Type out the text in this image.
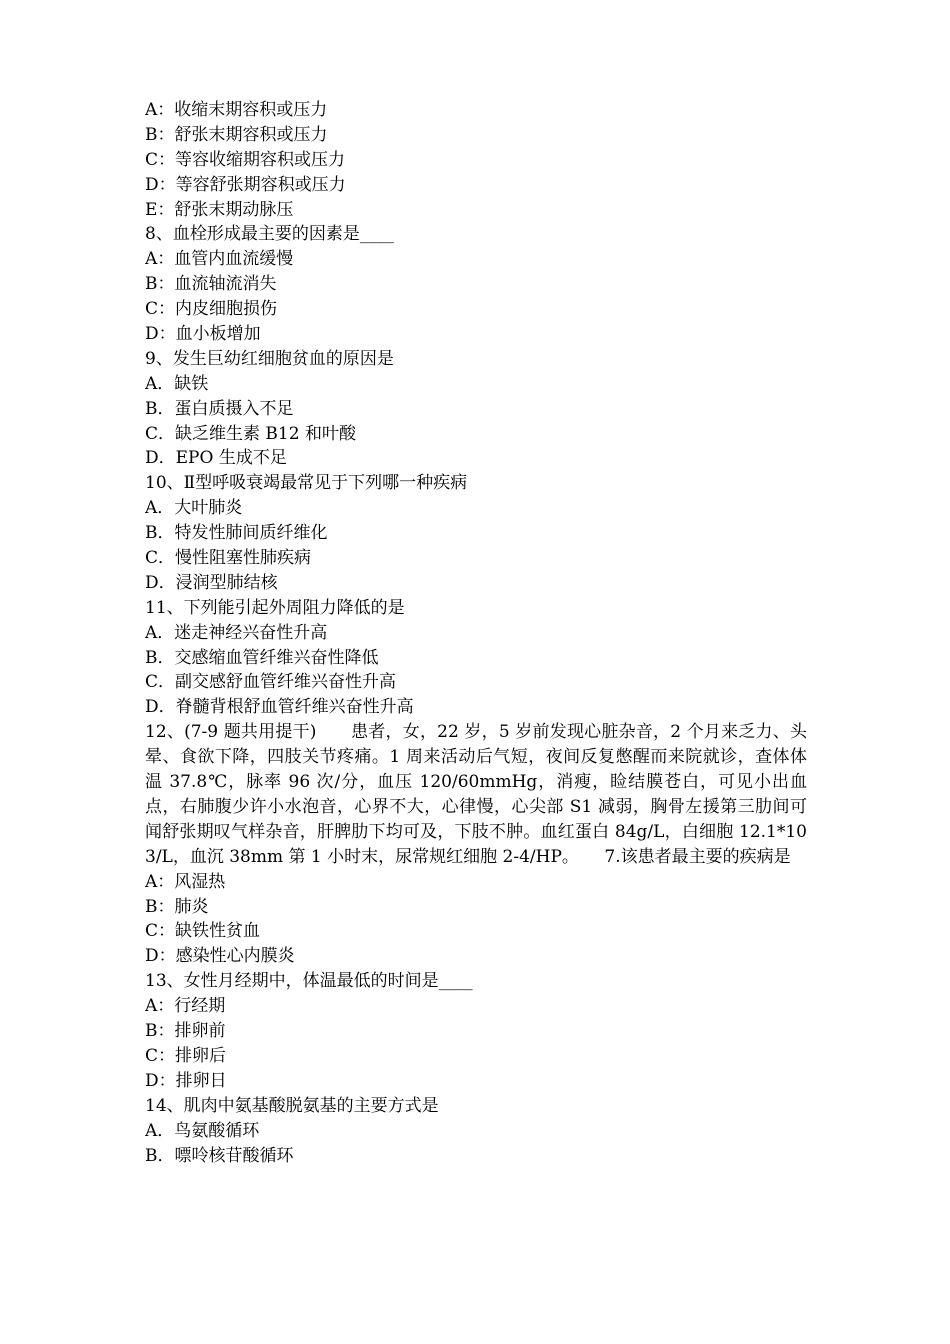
A：收缩末期容积或压力
B：舒张末期容积或压力
C：等容收缩期容积或压力
D：等容舒张期容积或压力
E：舒张末期动脉压
8、血栓形成最主要的因素是____
A：血管内血流缓慢
B：血流轴流消失
C：内皮细胞损伤
D：血小板增加
9、发生巨幼红细胞贫血的原因是
A．缺铁
B．蛋白质摄入不足
C．缺乏维生素 B12 和叶酸
D．EPO 生成不足
10、Ⅱ型呼吸衰竭最常见于下列哪一种疾病
A．大叶肺炎
B．特发性肺间质纤维化
C．慢性阻塞性肺疾病
D．浸润型肺结核
11、下列能引起外周阻力降低的是
A．迷走神经兴奋性升高
B．交感缩血管纤维兴奋性降低
C．副交感舒血管纤维兴奋性升高
D．脊髓背根舒血管纤维兴奋性升高
12、(7-9 题共用提干)　　患者，女，22 岁，5 岁前发现心脏杂音，2 个月来乏力、头晕、食欲下降，四肢关节疼痛。1 周来活动后气短，夜间反复憋醒而来院就诊，查体体温 37.8℃，脉率 96 次/分，血压 120/60mmHg，消瘦，睑结膜苍白，可见小出血点，右肺腹少许小水泡音，心界不大，心律慢，心尖部 S1 减弱，胸骨左援第三肋间可闻舒张期叹气样杂音，肝脾肋下均可及，下肢不肿。血红蛋白 84g/L，白细胞 12.1*103/L，血沉 38mm 第 1 小时末，尿常规红细胞 2-4/HP。　　7.该患者最主要的疾病是
A：风湿热
B：肺炎
C：缺铁性贫血
D：感染性心内膜炎
13、女性月经期中，体温最低的时间是____
A：行经期
B：排卵前
C：排卵后
D：排卵日
14、肌肉中氨基酸脱氨基的主要方式是
A．鸟氨酸循环
B．嘌呤核苷酸循环
